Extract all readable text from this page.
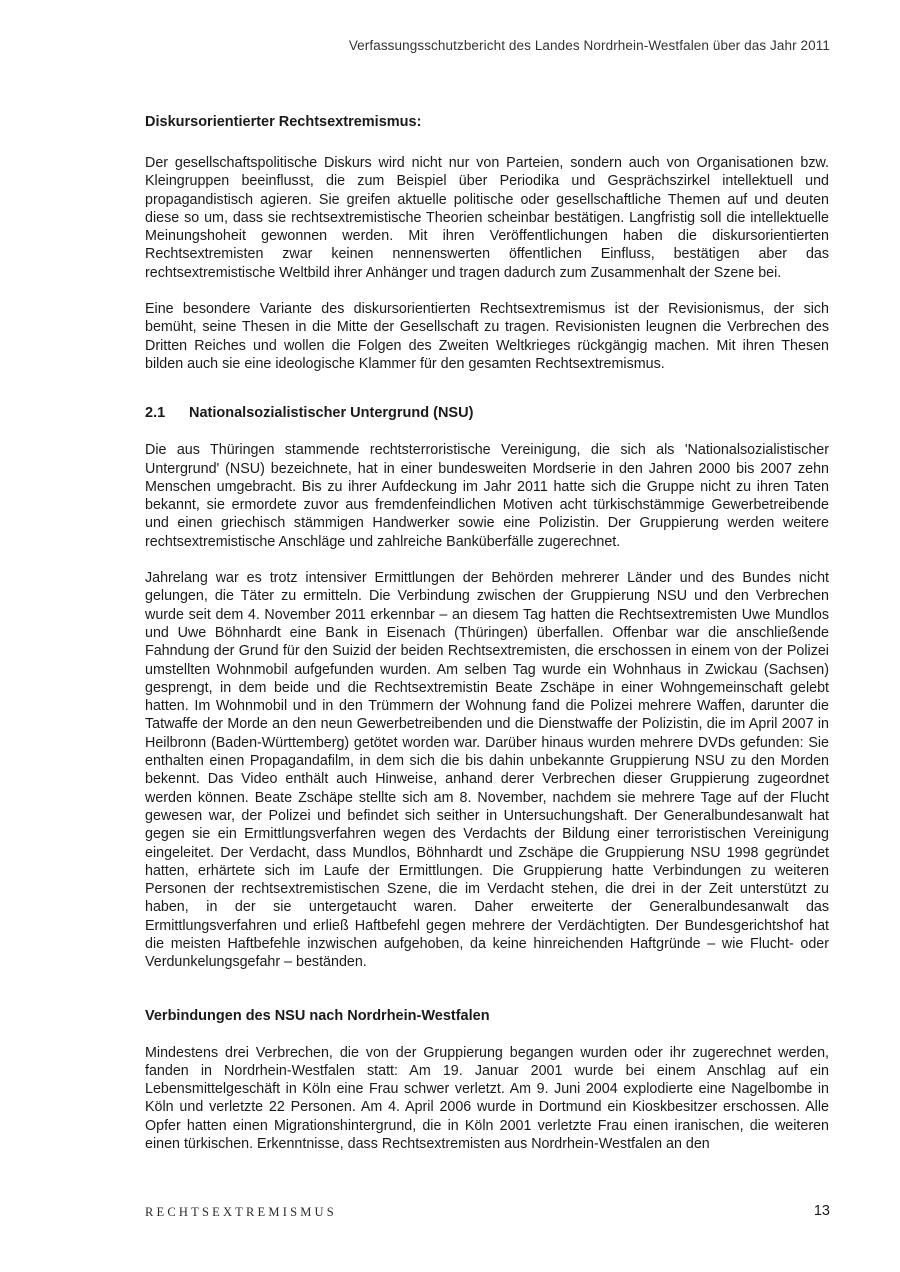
Verfassungsschutzbericht des Landes Nordrhein-Westfalen über das Jahr 2011
Diskursorientierter Rechtsextremismus:

Der gesellschaftspolitische Diskurs wird nicht nur von Parteien, sondern auch von Organisationen bzw. Kleingruppen beeinflusst, die zum Beispiel über Periodika und Gesprächszirkel intellektuell und propagandistisch agieren. Sie greifen aktuelle politische oder gesellschaftliche Themen auf und deuten diese so um, dass sie rechtsextremistische Theorien scheinbar bestätigen. Langfristig soll die intellektuelle Meinungshoheit gewonnen werden. Mit ihren Veröffentlichungen haben die diskursorientierten Rechtsextremisten zwar keinen nennenswerten öffentlichen Einfluss, bestätigen aber das rechtsextremistische Weltbild ihrer Anhänger und tragen dadurch zum Zusammenhalt der Szene bei.

Eine besondere Variante des diskursorientierten Rechtsextremismus ist der Revisionismus, der sich bemüht, seine Thesen in die Mitte der Gesellschaft zu tragen. Revisionisten leugnen die Verbrechen des Dritten Reiches und wollen die Folgen des Zweiten Weltkrieges rückgängig machen. Mit ihren Thesen bilden auch sie eine ideologische Klammer für den gesamten Rechtsextremismus.

2.1	Nationalsozialistischer Untergrund (NSU)

Die aus Thüringen stammende rechtsterroristische Vereinigung, die sich als 'Nationalsozialistischer Untergrund' (NSU) bezeichnete, hat in einer bundesweiten Mordserie in den Jahren 2000 bis 2007 zehn Menschen umgebracht. Bis zu ihrer Aufdeckung im Jahr 2011 hatte sich die Gruppe nicht zu ihren Taten bekannt, sie ermordete zuvor aus fremdenfeindlichen Motiven acht türkischstämmige Gewerbetreibende und einen griechisch stämmigen Handwerker sowie eine Polizistin. Der Gruppierung werden weitere rechtsextremistische Anschläge und zahlreiche Banküberfälle zugerechnet.

Jahrelang war es trotz intensiver Ermittlungen der Behörden mehrerer Länder und des Bundes nicht gelungen, die Täter zu ermitteln. Die Verbindung zwischen der Gruppierung NSU und den Verbrechen wurde seit dem 4. November 2011 erkennbar – an diesem Tag hatten die Rechtsextremisten Uwe Mundlos und Uwe Böhnhardt eine Bank in Eisenach (Thüringen) überfallen. Offenbar war die anschließende Fahndung der Grund für den Suizid der beiden Rechtsextremisten, die erschossen in einem von der Polizei umstellten Wohnmobil aufgefunden wurden. Am selben Tag wurde ein Wohnhaus in Zwickau (Sachsen) gesprengt, in dem beide und die Rechtsextremistin Beate Zschäpe in einer Wohngemeinschaft gelebt hatten. Im Wohnmobil und in den Trümmern der Wohnung fand die Polizei mehrere Waffen, darunter die Tatwaffe der Morde an den neun Gewerbetreibenden und die Dienstwaffe der Polizistin, die im April 2007 in Heilbronn (Baden-Württemberg) getötet worden war. Darüber hinaus wurden mehrere DVDs gefunden: Sie enthalten einen Propagandafilm, in dem sich die bis dahin unbekannte Gruppierung NSU zu den Morden bekennt. Das Video enthält auch Hinweise, anhand derer Verbrechen dieser Gruppierung zugeordnet werden können. Beate Zschäpe stellte sich am 8. November, nachdem sie mehrere Tage auf der Flucht gewesen war, der Polizei und befindet sich seither in Untersuchungshaft. Der Generalbundesanwalt hat gegen sie ein Ermittlungsverfahren wegen des Verdachts der Bildung einer terroristischen Vereinigung eingeleitet. Der Verdacht, dass Mundlos, Böhnhardt und Zschäpe die Gruppierung NSU 1998 gegründet hatten, erhärtete sich im Laufe der Ermittlungen. Die Gruppierung hatte Verbindungen zu weiteren Personen der rechtsextremistischen Szene, die im Verdacht stehen, die drei in der Zeit unterstützt zu haben, in der sie untergetaucht waren. Daher erweiterte der Generalbundesanwalt das Ermittlungsverfahren und erließ Haftbefehl gegen mehrere der Verdächtigten. Der Bundesgerichtshof hat die meisten Haftbefehle inzwischen aufgehoben, da keine hinreichenden Haftgründe – wie Flucht- oder Verdunkelungsgefahr – beständen.

Verbindungen des NSU nach Nordrhein-Westfalen

Mindestens drei Verbrechen, die von der Gruppierung begangen wurden oder ihr zugerechnet werden, fanden in Nordrhein-Westfalen statt: Am 19. Januar 2001 wurde bei einem Anschlag auf ein Lebensmittelgeschäft in Köln eine Frau schwer verletzt. Am 9. Juni 2004 explodierte eine Nagelbombe in Köln und verletzte 22 Personen. Am 4. April 2006 wurde in Dortmund ein Kioskbesitzer erschossen. Alle Opfer hatten einen Migrationshintergrund, die in Köln 2001 verletzte Frau einen iranischen, die weiteren einen türkischen. Erkenntnisse, dass Rechtsextremisten aus Nordrhein-Westfalen an den

RECHTSEXTREMISMUS	13
